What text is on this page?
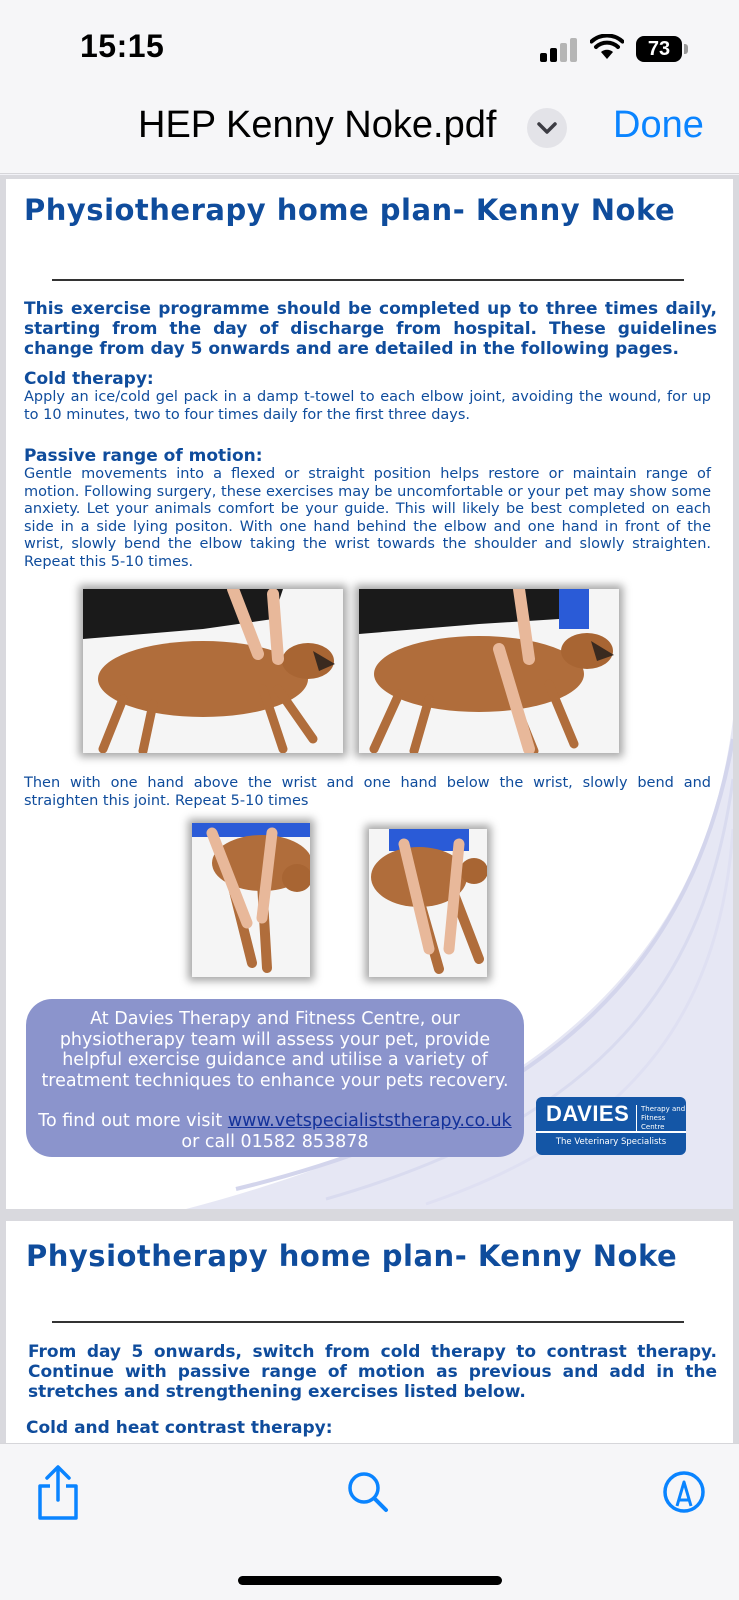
15:15	73
HEP Kenny Noke.pdf	Done
Physiotherapy home plan- Kenny Noke
This exercise programme should be completed up to three times daily, starting from the day of discharge from hospital. These guidelines change from day 5 onwards and are detailed in the following pages.
Cold therapy:
Apply an ice/cold gel pack in a damp t-towel to each elbow joint, avoiding the wound, for up to 10 minutes, two to four times daily for the first three days.
Passive range of motion:
Gentle movements into a flexed or straight position helps restore or maintain range of motion. Following surgery, these exercises may be uncomfortable or your pet may show some anxiety. Let your animals comfort be your guide. This will likely be best completed on each side in a side lying positon. With one hand behind the elbow and one hand in front of the wrist, slowly bend the elbow taking the wrist towards the shoulder and slowly straighten. Repeat this 5-10 times.
Then with one hand above the wrist and one hand below the wrist, slowly bend and straighten this joint. Repeat 5-10 times
At Davies Therapy and Fitness Centre, our physiotherapy team will assess your pet, provide helpful exercise guidance and utilise a variety of treatment techniques to enhance your pets recovery.
To find out more visit www.vetspecialiststherapy.co.uk
or call 01582 853878
DAVIES Therapy and
Fitness Centre
The Veterinary Specialists
Physiotherapy home plan- Kenny Noke
From day 5 onwards, switch from cold therapy to contrast therapy. Continue with passive range of motion as previous and add in the stretches and strengthening exercises listed below.
Cold and heat contrast therapy:
